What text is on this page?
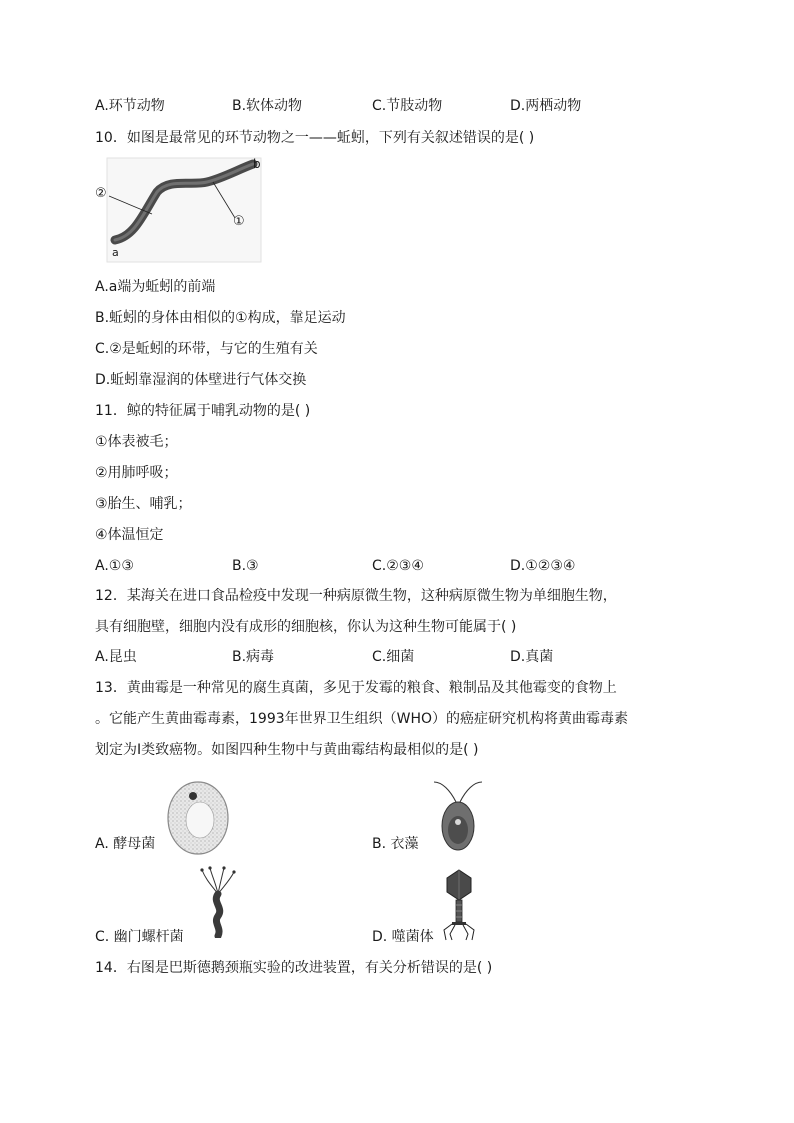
A.环节动物	B.软体动物	C.节肢动物	D.两栖动物
10．如图是最常见的环节动物之一——蚯蚓，下列有关叙述错误的是( )
②
b
①
a
A.a端为蚯蚓的前端
B.蚯蚓的身体由相似的①构成，靠足运动
C.②是蚯蚓的环带，与它的生殖有关
D.蚯蚓靠湿润的体壁进行气体交换
11．鲸的特征属于哺乳动物的是( )
①体表被毛；
②用肺呼吸；
③胎生、哺乳；
④体温恒定
A.①③	B.③	C.②③④	D.①②③④
12．某海关在进口食品检疫中发现一种病原微生物，这种病原微生物为单细胞生物，
具有细胞壁，细胞内没有成形的细胞核，你认为这种生物可能属于( )
A.昆虫	B.病毒	C.细菌	D.真菌
13．黄曲霉是一种常见的腐生真菌，多见于发霉的粮食、粮制品及其他霉变的食物上
。它能产生黄曲霉毒素，1993年世界卫生组织（WHO）的癌症研究机构将黄曲霉毒素
划定为I类致癌物。如图四种生物中与黄曲霉结构最相似的是( )
A. 酵母菌	B. 衣藻
C. 幽门螺杆菌	D. 噬菌体
14．右图是巴斯德鹅颈瓶实验的改进装置，有关分析错误的是( )
